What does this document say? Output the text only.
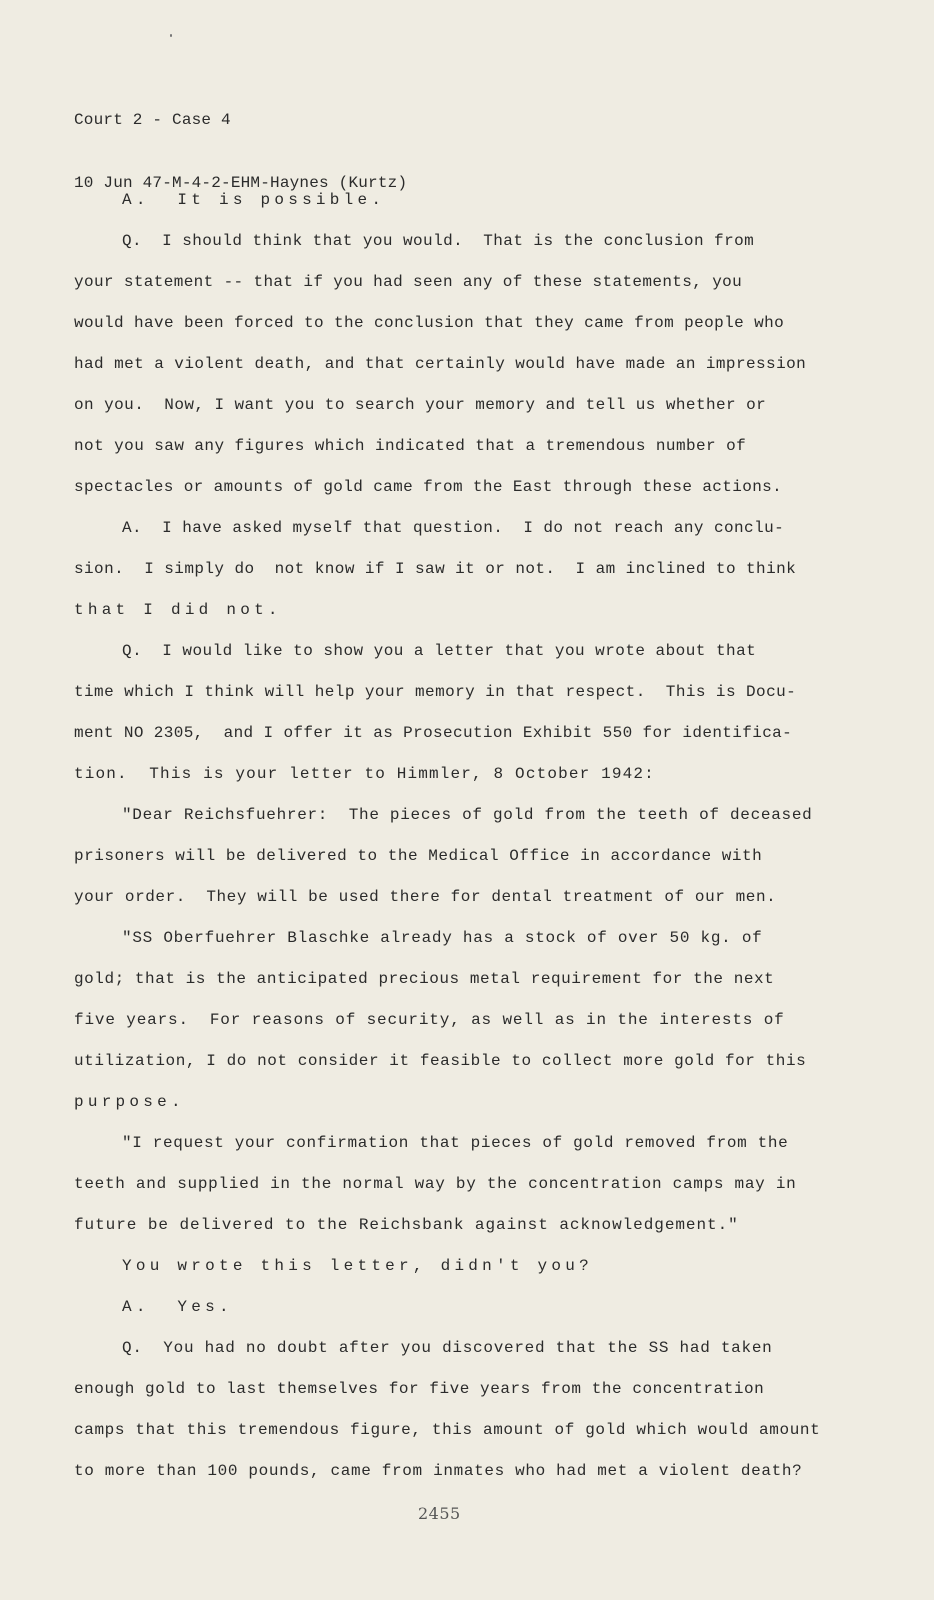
Court 2 - Case 4

10 Jun 47-M-4-2-EHM-Haynes (Kurtz)

A.  It is possible.
Q.  I should think that you would.  That is the conclusion from
your statement -- that if you had seen any of these statements, you
would have been forced to the conclusion that they came from people who
had met a violent death, and that certainly would have made an impression
on you.  Now, I want you to search your memory and tell us whether or
not you saw any figures which indicated that a tremendous number of
spectacles or amounts of gold came from the East through these actions.
A.  I have asked myself that question.  I do not reach any conclu-
sion.  I simply do  not know if I saw it or not.  I am inclined to think
that I did not.
Q.  I would like to show you a letter that you wrote about that
time which I think will help your memory in that respect.  This is Docu-
ment NO 2305,  and I offer it as Prosecution Exhibit 550 for identifica-
tion.  This is your letter to Himmler, 8 October 1942:
"Dear Reichsfuehrer:  The pieces of gold from the teeth of deceased
prisoners will be delivered to the Medical Office in accordance with
your order.  They will be used there for dental treatment of our men.
"SS Oberfuehrer Blaschke already has a stock of over 50 kg. of
gold; that is the anticipated precious metal requirement for the next
five years.  For reasons of security, as well as in the interests of
utilization, I do not consider it feasible to collect more gold for this
purpose.
"I request your confirmation that pieces of gold removed from the
teeth and supplied in the normal way by the concentration camps may in
future be delivered to the Reichsbank against acknowledgement."
You wrote this letter, didn't you?
A.  Yes.
Q.  You had no doubt after you discovered that the SS had taken
enough gold to last themselves for five years from the concentration
camps that this tremendous figure, this amount of gold which would amount
to more than 100 pounds, came from inmates who had met a violent death?
2455
